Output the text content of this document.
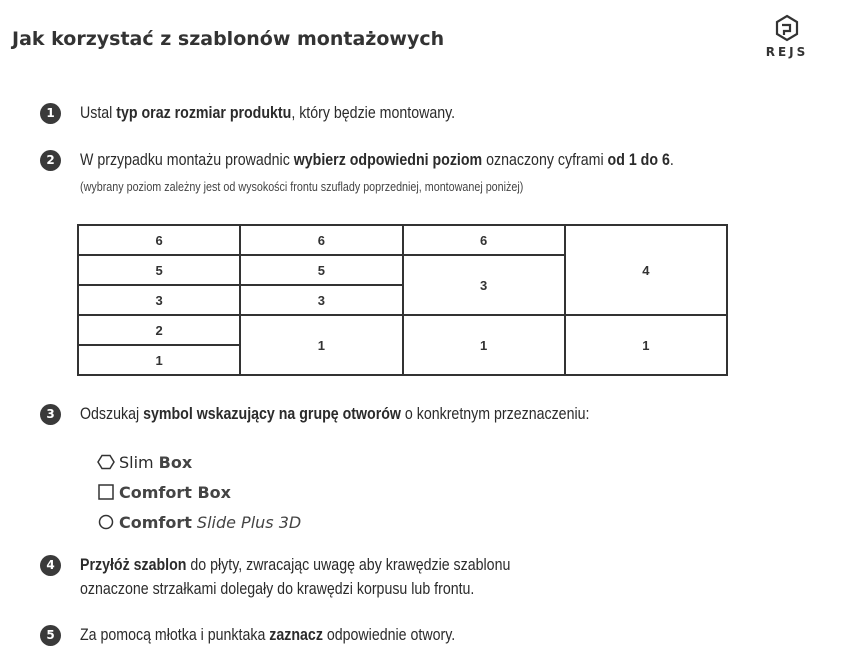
Jak korzystać z szablonów montażowych
REJS
1	Ustal typ oraz rozmiar produktu, który będzie montowany.
2	W przypadku montażu prowadnic wybierz odpowiedni poziom oznaczony cyframi od 1 do 6.
(wybrany poziom zależny jest od wysokości frontu szuflady poprzedniej, montowanej poniżej)
6	6	6	4
5	5	3	
3	3		
2	1	1	1
1			
3	Odszukaj symbol wskazujący na grupę otworów o konkretnym przeznaczeniu:
Slim Box
Comfort Box
Comfort Slide Plus 3D
4	Przyłóż szablon do płyty, zwracając uwagę aby krawędzie szablonu
oznaczone strzałkami dolegały do krawędzi korpusu lub frontu.
5	Za pomocą młotka i punktaka zaznacz odpowiednie otwory.
